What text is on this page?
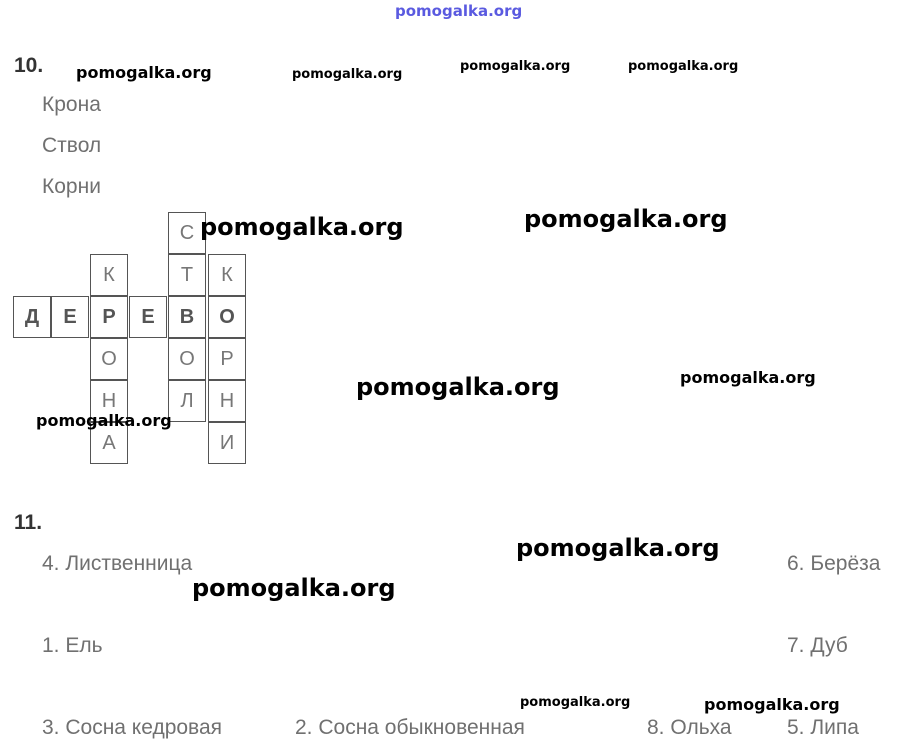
pomogalka.org
10.
Крона
Ствол
Корни
Д	Е	Р	Е	В	О
К
О
Н
А
С
Т
О
Л
К
Р
Н
И
11.
4. Лиственница	6. Берёза
1. Ель	7. Дуб
3. Сосна кедровая	2. Сосна обыкновенная	8. Ольха	5. Липа
pomogalka.org	pomogalka.org
pomogalka.org	pomogalka.org
pomogalka.org	pomogalka.org
pomogalka.org	pomogalka.org
pomogalka.org
pomogalka.org
pomogalka.org
pomogalka.org	pomogalka.org
